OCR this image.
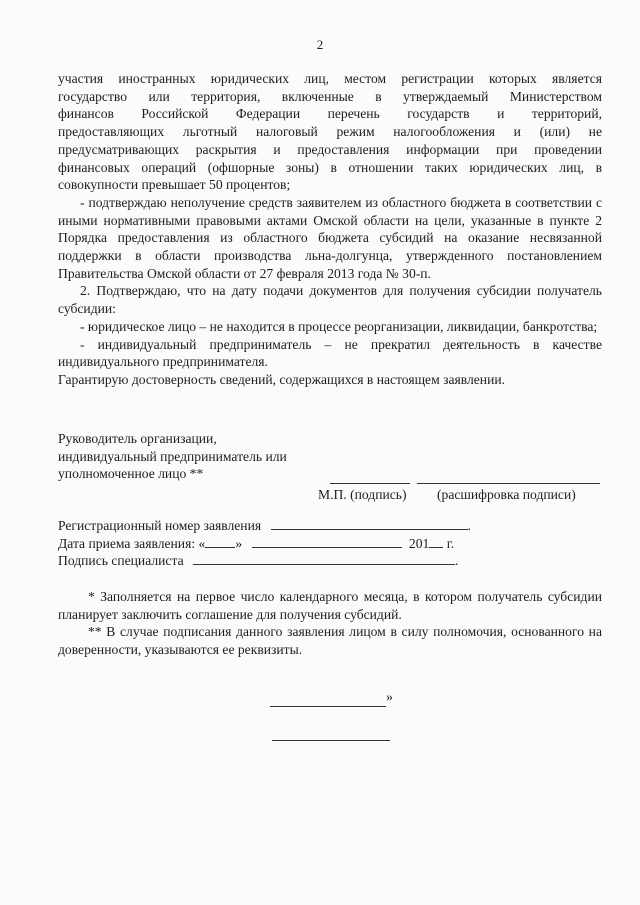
2

участия иностранных юридических лиц, местом регистрации которых является

государство или территория, включенные в утверждаемый Министерством

финансов Российской Федерации перечень государств и территорий,

предоставляющих льготный налоговый режим налогообложения и (или) не

предусматривающих раскрытия и предоставления информации при проведении

финансовых операций (офшорные зоны) в отношении таких юридических лиц, в

совокупности превышает 50 процентов;

- подтверждаю неполучение средств заявителем из областного бюджета в соответствии с иными нормативными правовыми актами Омской области на цели, указанные в пункте 2 Порядка предоставления из областного бюджета субсидий на оказание несвязанной поддержки в области производства льна-долгунца, утвержденного постановлением Правительства Омской области от 27 февраля 2013 года № 30-п.

2. Подтверждаю, что на дату подачи документов для получения субсидии получатель субсидии:

- юридическое лицо – не находится в процессе реорганизации, ликвидации, банкротства;

- индивидуальный предприниматель – не прекратил деятельность в качестве индивидуального предпринимателя.

Гарантирую достоверность сведений, содержащихся в настоящем заявлении.

Руководитель организации,
индивидуальный предприниматель или
уполномоченное лицо **
М.П. (подпись) (расшифровка подписи)
Регистрационный номер заявления	.
Дата приема заявления: « »	201 г.
Подпись специалиста	.

* Заполняется на первое число календарного месяца, в котором получатель субсидии планирует заключить соглашение для получения субсидий.

** В случае подписания данного заявления лицом в силу полномочия, основанного на доверенности, указываются ее реквизиты.

»
